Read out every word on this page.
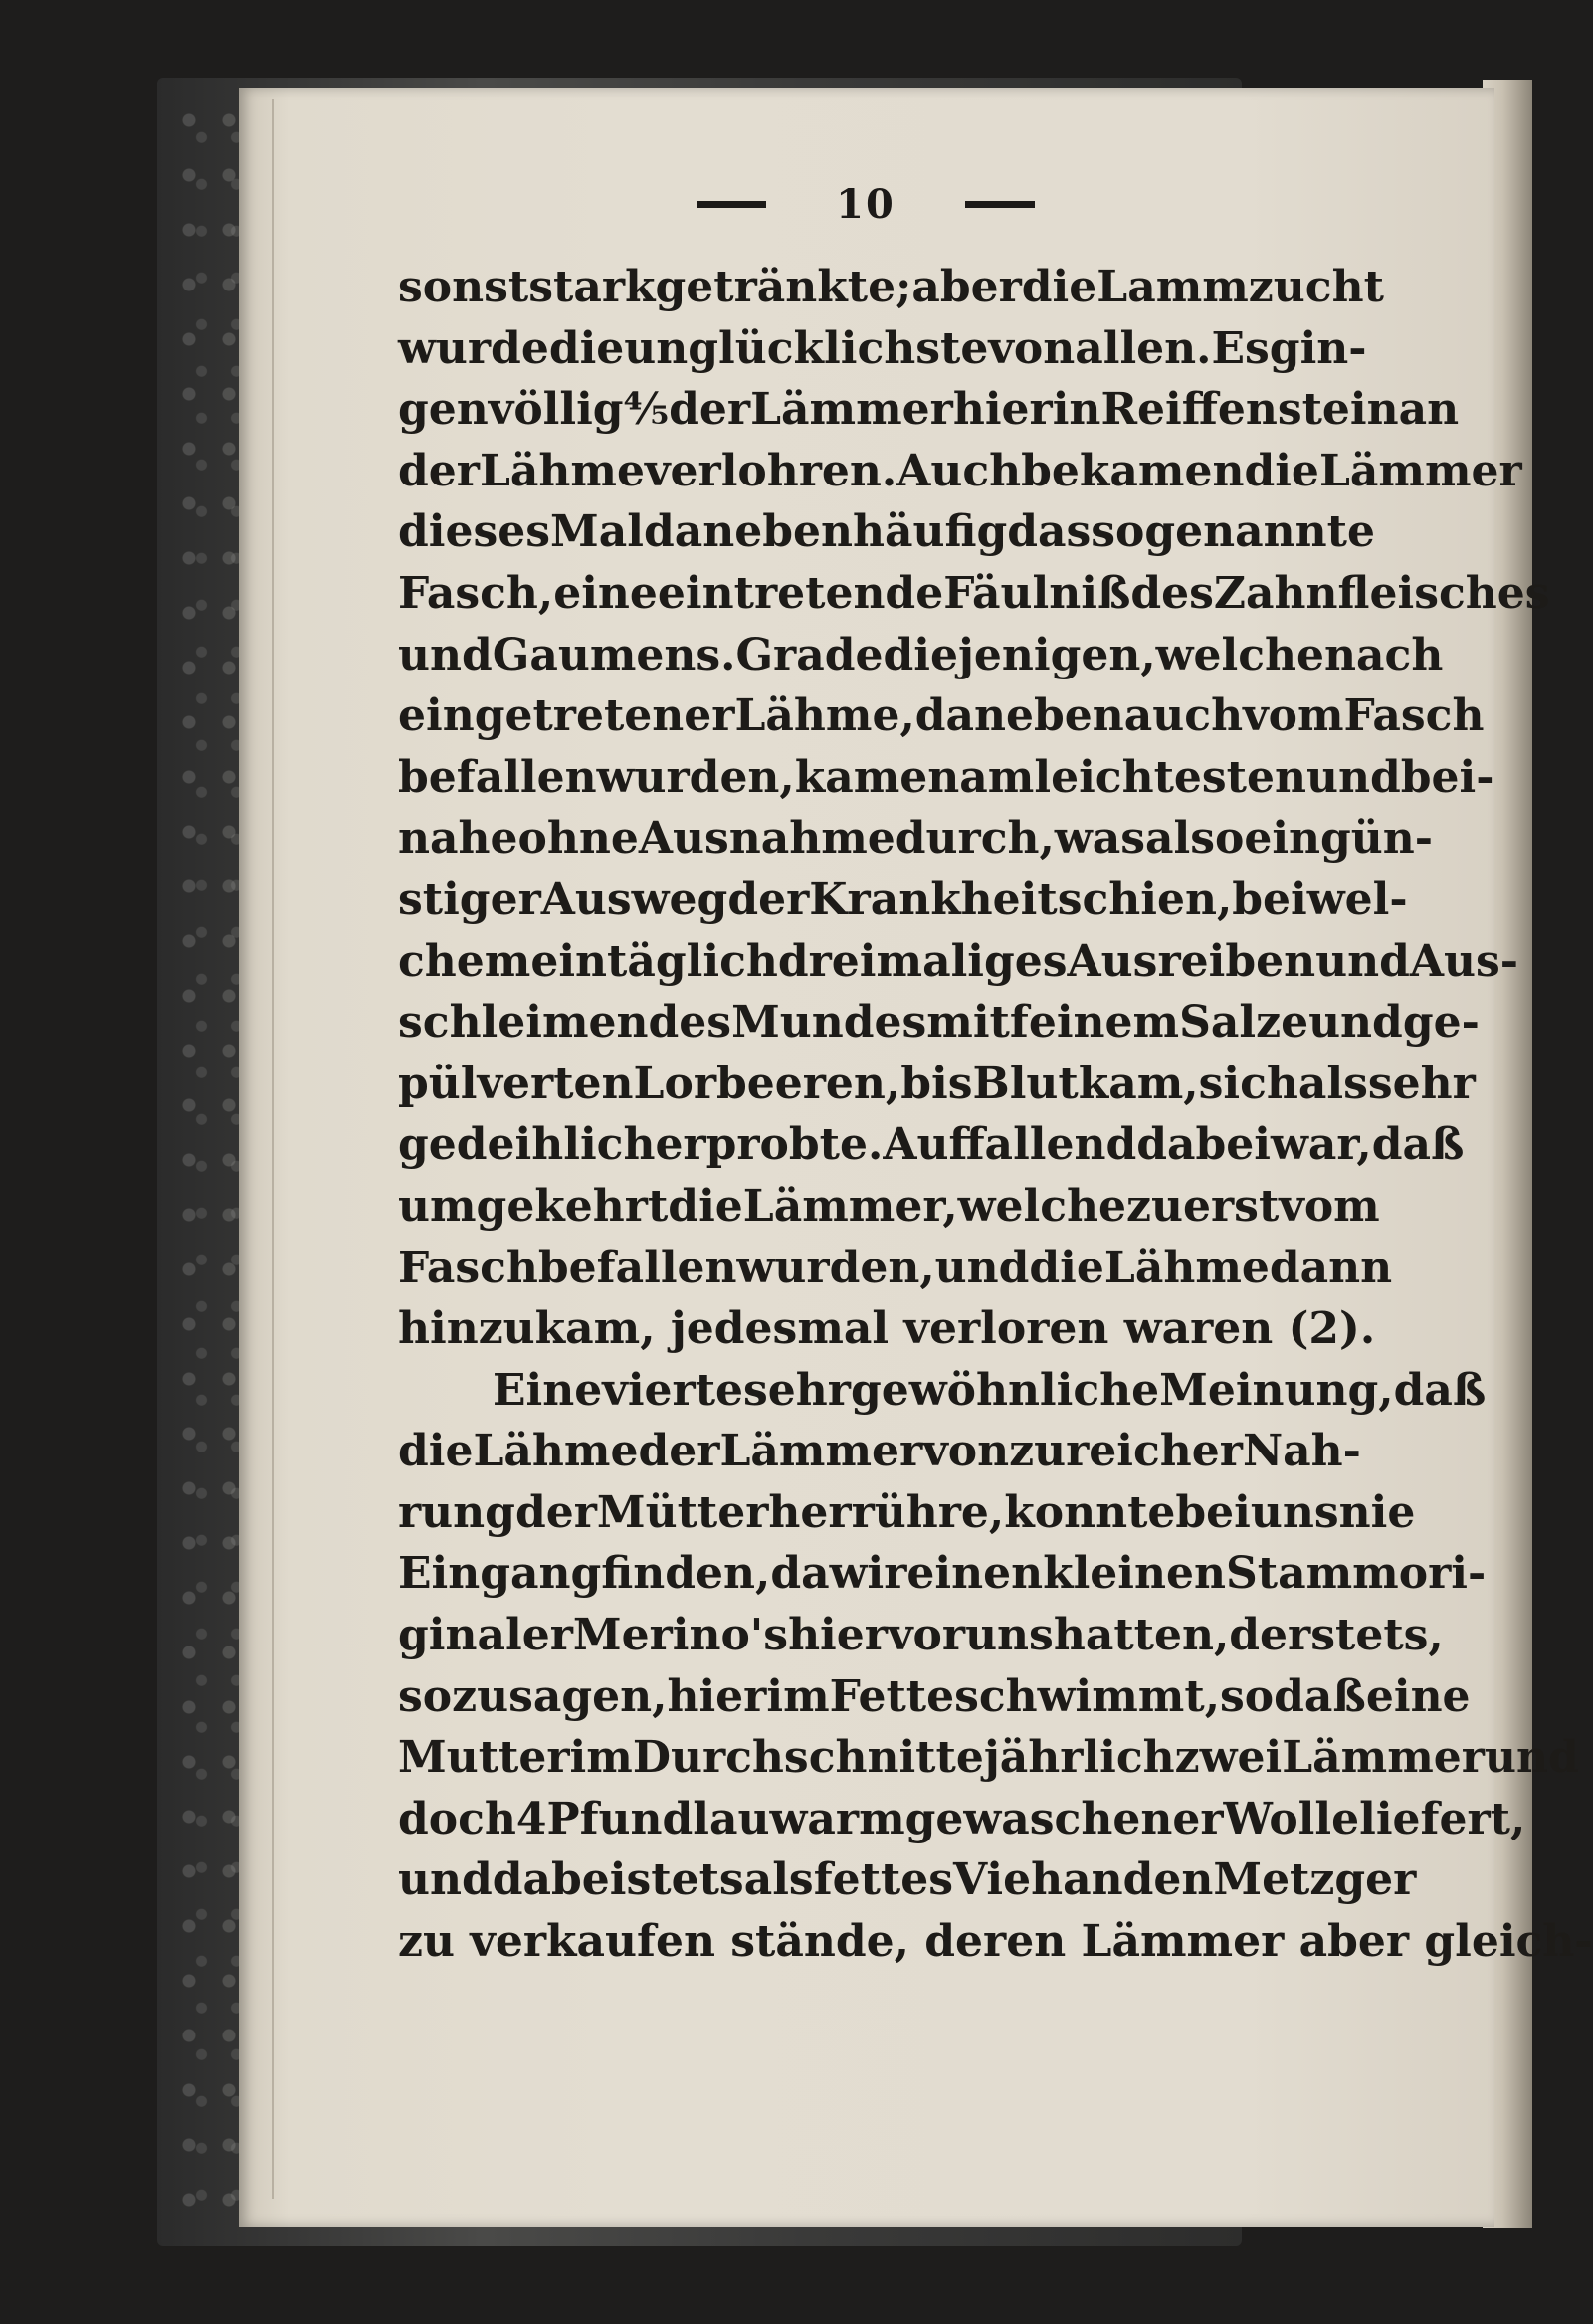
10
sonst stark getränkte; aber die Lammzucht
wurde die unglücklichste von allen. Es gin-
gen völlig ⅘ der Lämmer hier in Reiffenstein an
der Lähme verlohren. Auch bekamen die Lämmer
dieses Mal daneben häufig das sogenannte
Fasch, eine eintretende Fäulniß des Zahnfleisches
und Gaumens. Grade diejenigen, welche nach
eingetretener Lähme, daneben auch vom Fasch
befallen wurden, kamen am leichtesten und bei-
nahe ohne Ausnahme durch, was also ein gün-
stiger Ausweg der Krankheit schien, bei wel-
chem ein täglich dreimaliges Ausreiben und Aus-
schleimen des Mundes mit feinem Salze und ge-
pülverten Lorbeeren, bis Blut kam, sich als sehr
gedeihlich erprobte. Auffallend dabei war, daß
umgekehrt die Lämmer, welche zuerst vom
Fasch befallen wurden, und die Lähme dann
hinzukam, jedesmal verloren waren (2).
Eine vierte sehr gewöhnliche Meinung, daß
die Lähme der Lämmer von zu reicher Nah-
rung der Mütter herrühre, konnte bei uns nie
Eingang finden, da wir einen kleinen Stamm ori-
ginaler Merino's hier vor uns hatten, der stets,
so zu sagen, hier im Fette schwimmt, so daß eine
Mutter im Durchschnitte jährlich zwei Lämmer und
doch 4 Pfund lauwarm gewaschener Wolle liefert,
und dabei stets als fettes Vieh an den Metzger
zu verkaufen stände, deren Lämmer aber gleich-
